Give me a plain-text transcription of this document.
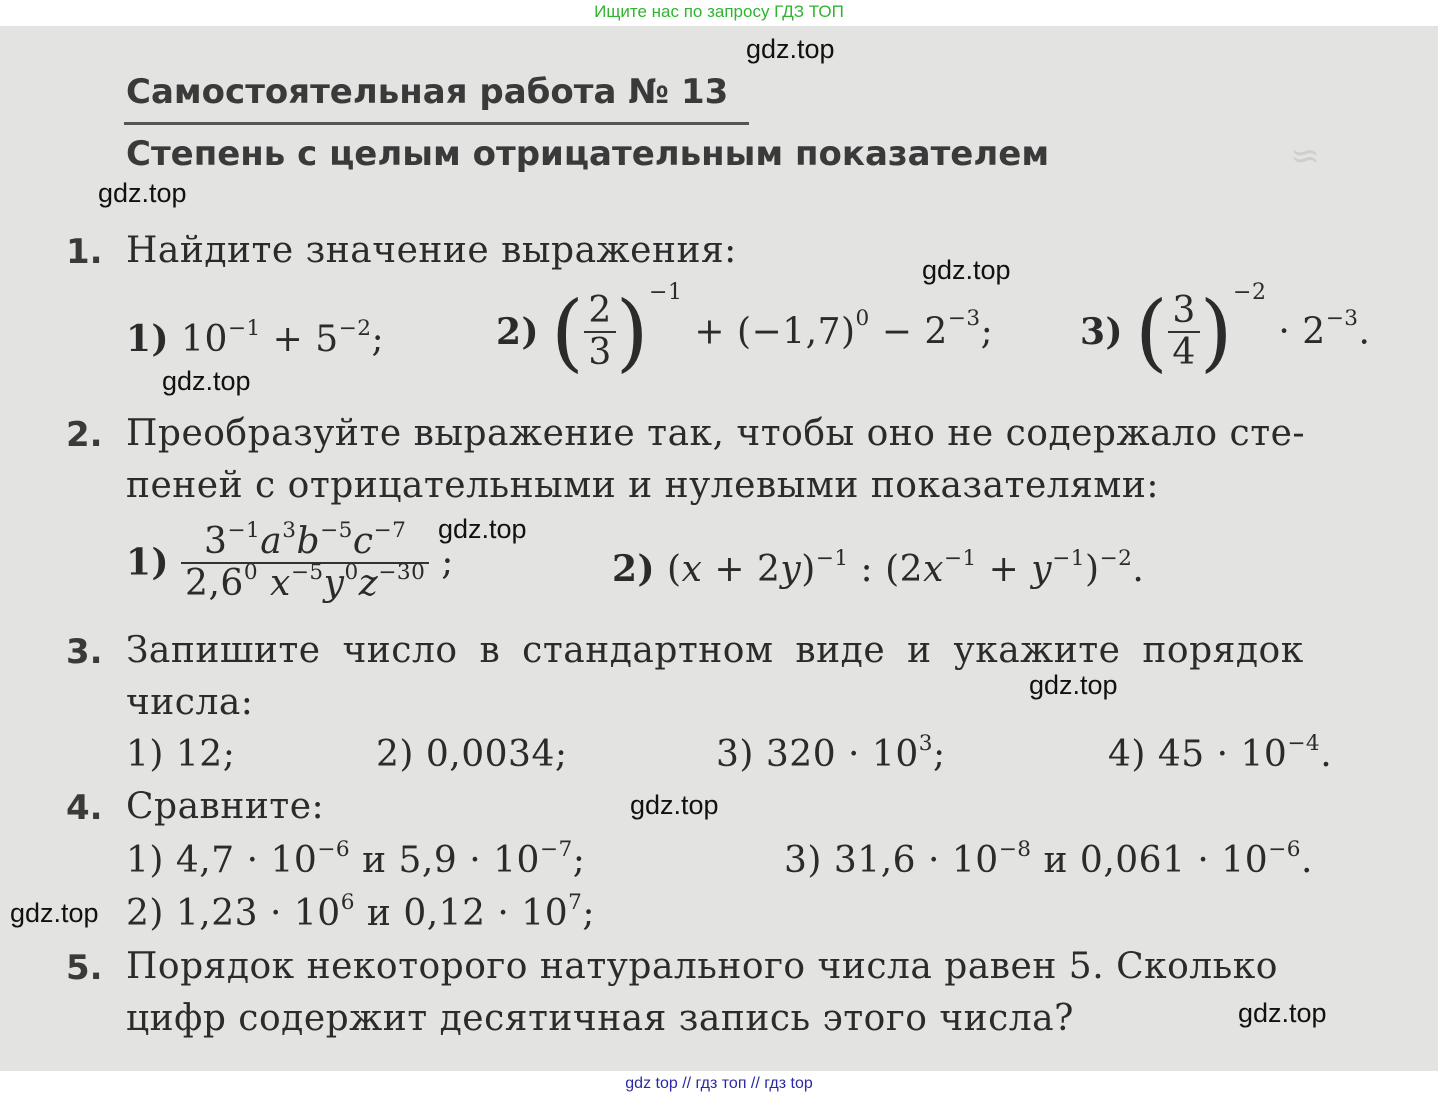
Ищите нас по запросу ГДЗ ТОП
≈
gdz.top
gdz.top
gdz.top
gdz.top
gdz.top
gdz.top
gdz.top
gdz.top
gdz.top
Самостоятельная работа № 13
Степень с целым отрицательным показателем
1. Найдите значение выражения:
1) $10^{-1} + 5^{-2}$;	2) ( $\frac{2}{3} )^{-1} + (-1,7)^0 - 2^{-3}$; 3) ( $\frac{3}{4} )^{-2} \cdot 2^{-3}$.
2. Преобразуйте выражение так, чтобы оно не содержало сте-
пеней с отрицательными и нулевыми показателями:
$1) \frac{3^{-1}a^3b^{-5}c^{-7}}{2,6^0 x^{-5}y^0z^{-30}}$ ;	2) $(x + 2y)^{-1}$ : $(2x^{-1} + y^{-1})^{-2}$.
3. Запишите число в стандартном виде и укажите порядок
числа:
1) 12;	2) 0,0034;	3) $320 \cdot 10^3$;	4) $45 \cdot 10^{-4}$.
4. Сравните:
1) $4,7 \cdot 10^{-6}$ и $5,9 \cdot 10^{-7}$;	3) $31,6 \cdot 10^{-8}$ и $0,061 \cdot 10^{-6}$.
2) $1,23 \cdot 10^6$ и $0,12 \cdot 10^7$;
5. Порядок некоторого натурального числа равен 5. Сколько
цифр содержит десятичная запись этого числа?
gdz top // гдз топ // гдз top
